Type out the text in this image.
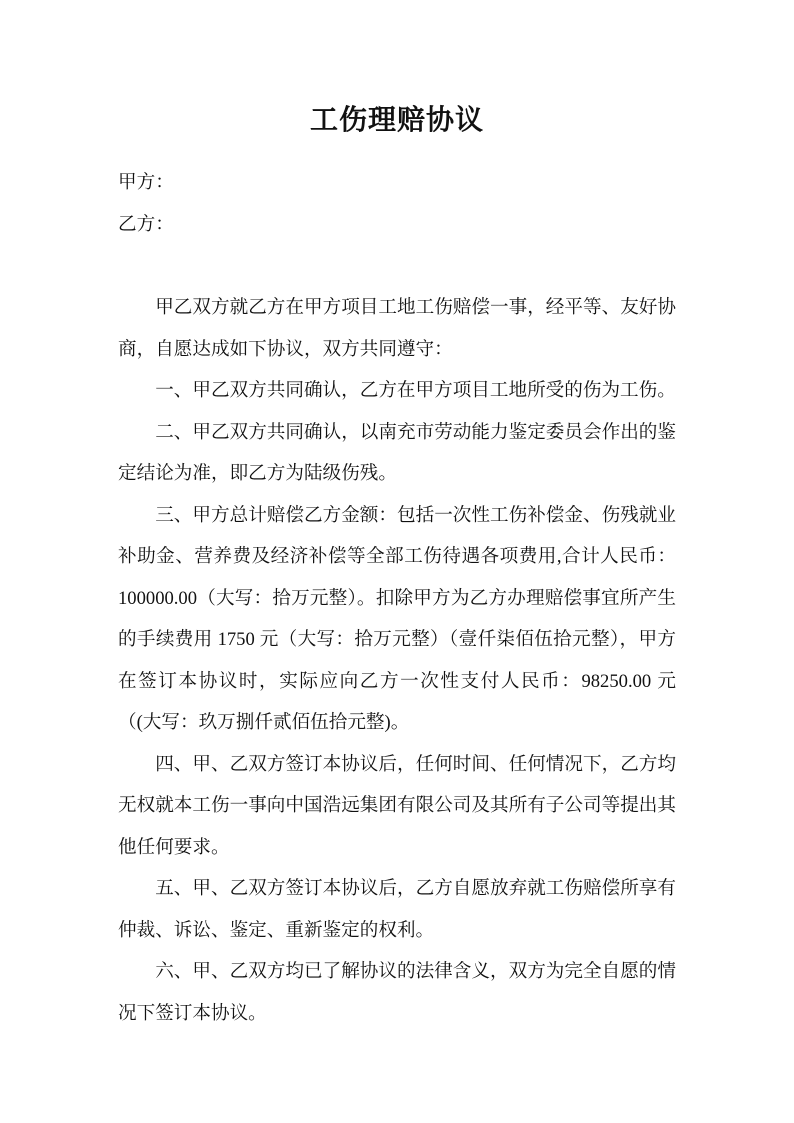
工伤理赔协议

甲方：

乙方：

甲乙双方就乙方在甲方项目工地工伤赔偿一事，经平等、友好协商，自愿达成如下协议，双方共同遵守：

一、甲乙双方共同确认，乙方在甲方项目工地所受的伤为工伤。

二、甲乙双方共同确认，以南充市劳动能力鉴定委员会作出的鉴定结论为准，即乙方为陆级伤残。

三、甲方总计赔偿乙方金额：包括一次性工伤补偿金、伤残就业补助金、营养费及经济补偿等全部工伤待遇各项费用,合计人民币：100000.00（大写：拾万元整）。扣除甲方为乙方办理赔偿事宜所产生的手续费用 1750 元（大写：拾万元整）（壹仟柒佰伍拾元整），甲方在签订本协议时，实际应向乙方一次性支付人民币：98250.00 元（(大写：玖万捌仟贰佰伍拾元整)。

四、甲、乙双方签订本协议后，任何时间、任何情况下，乙方均无权就本工伤一事向中国浩远集团有限公司及其所有子公司等提出其他任何要求。

五、甲、乙双方签订本协议后，乙方自愿放弃就工伤赔偿所享有仲裁、诉讼、鉴定、重新鉴定的权利。

六、甲、乙双方均已了解协议的法律含义，双方为完全自愿的情况下签订本协议。
